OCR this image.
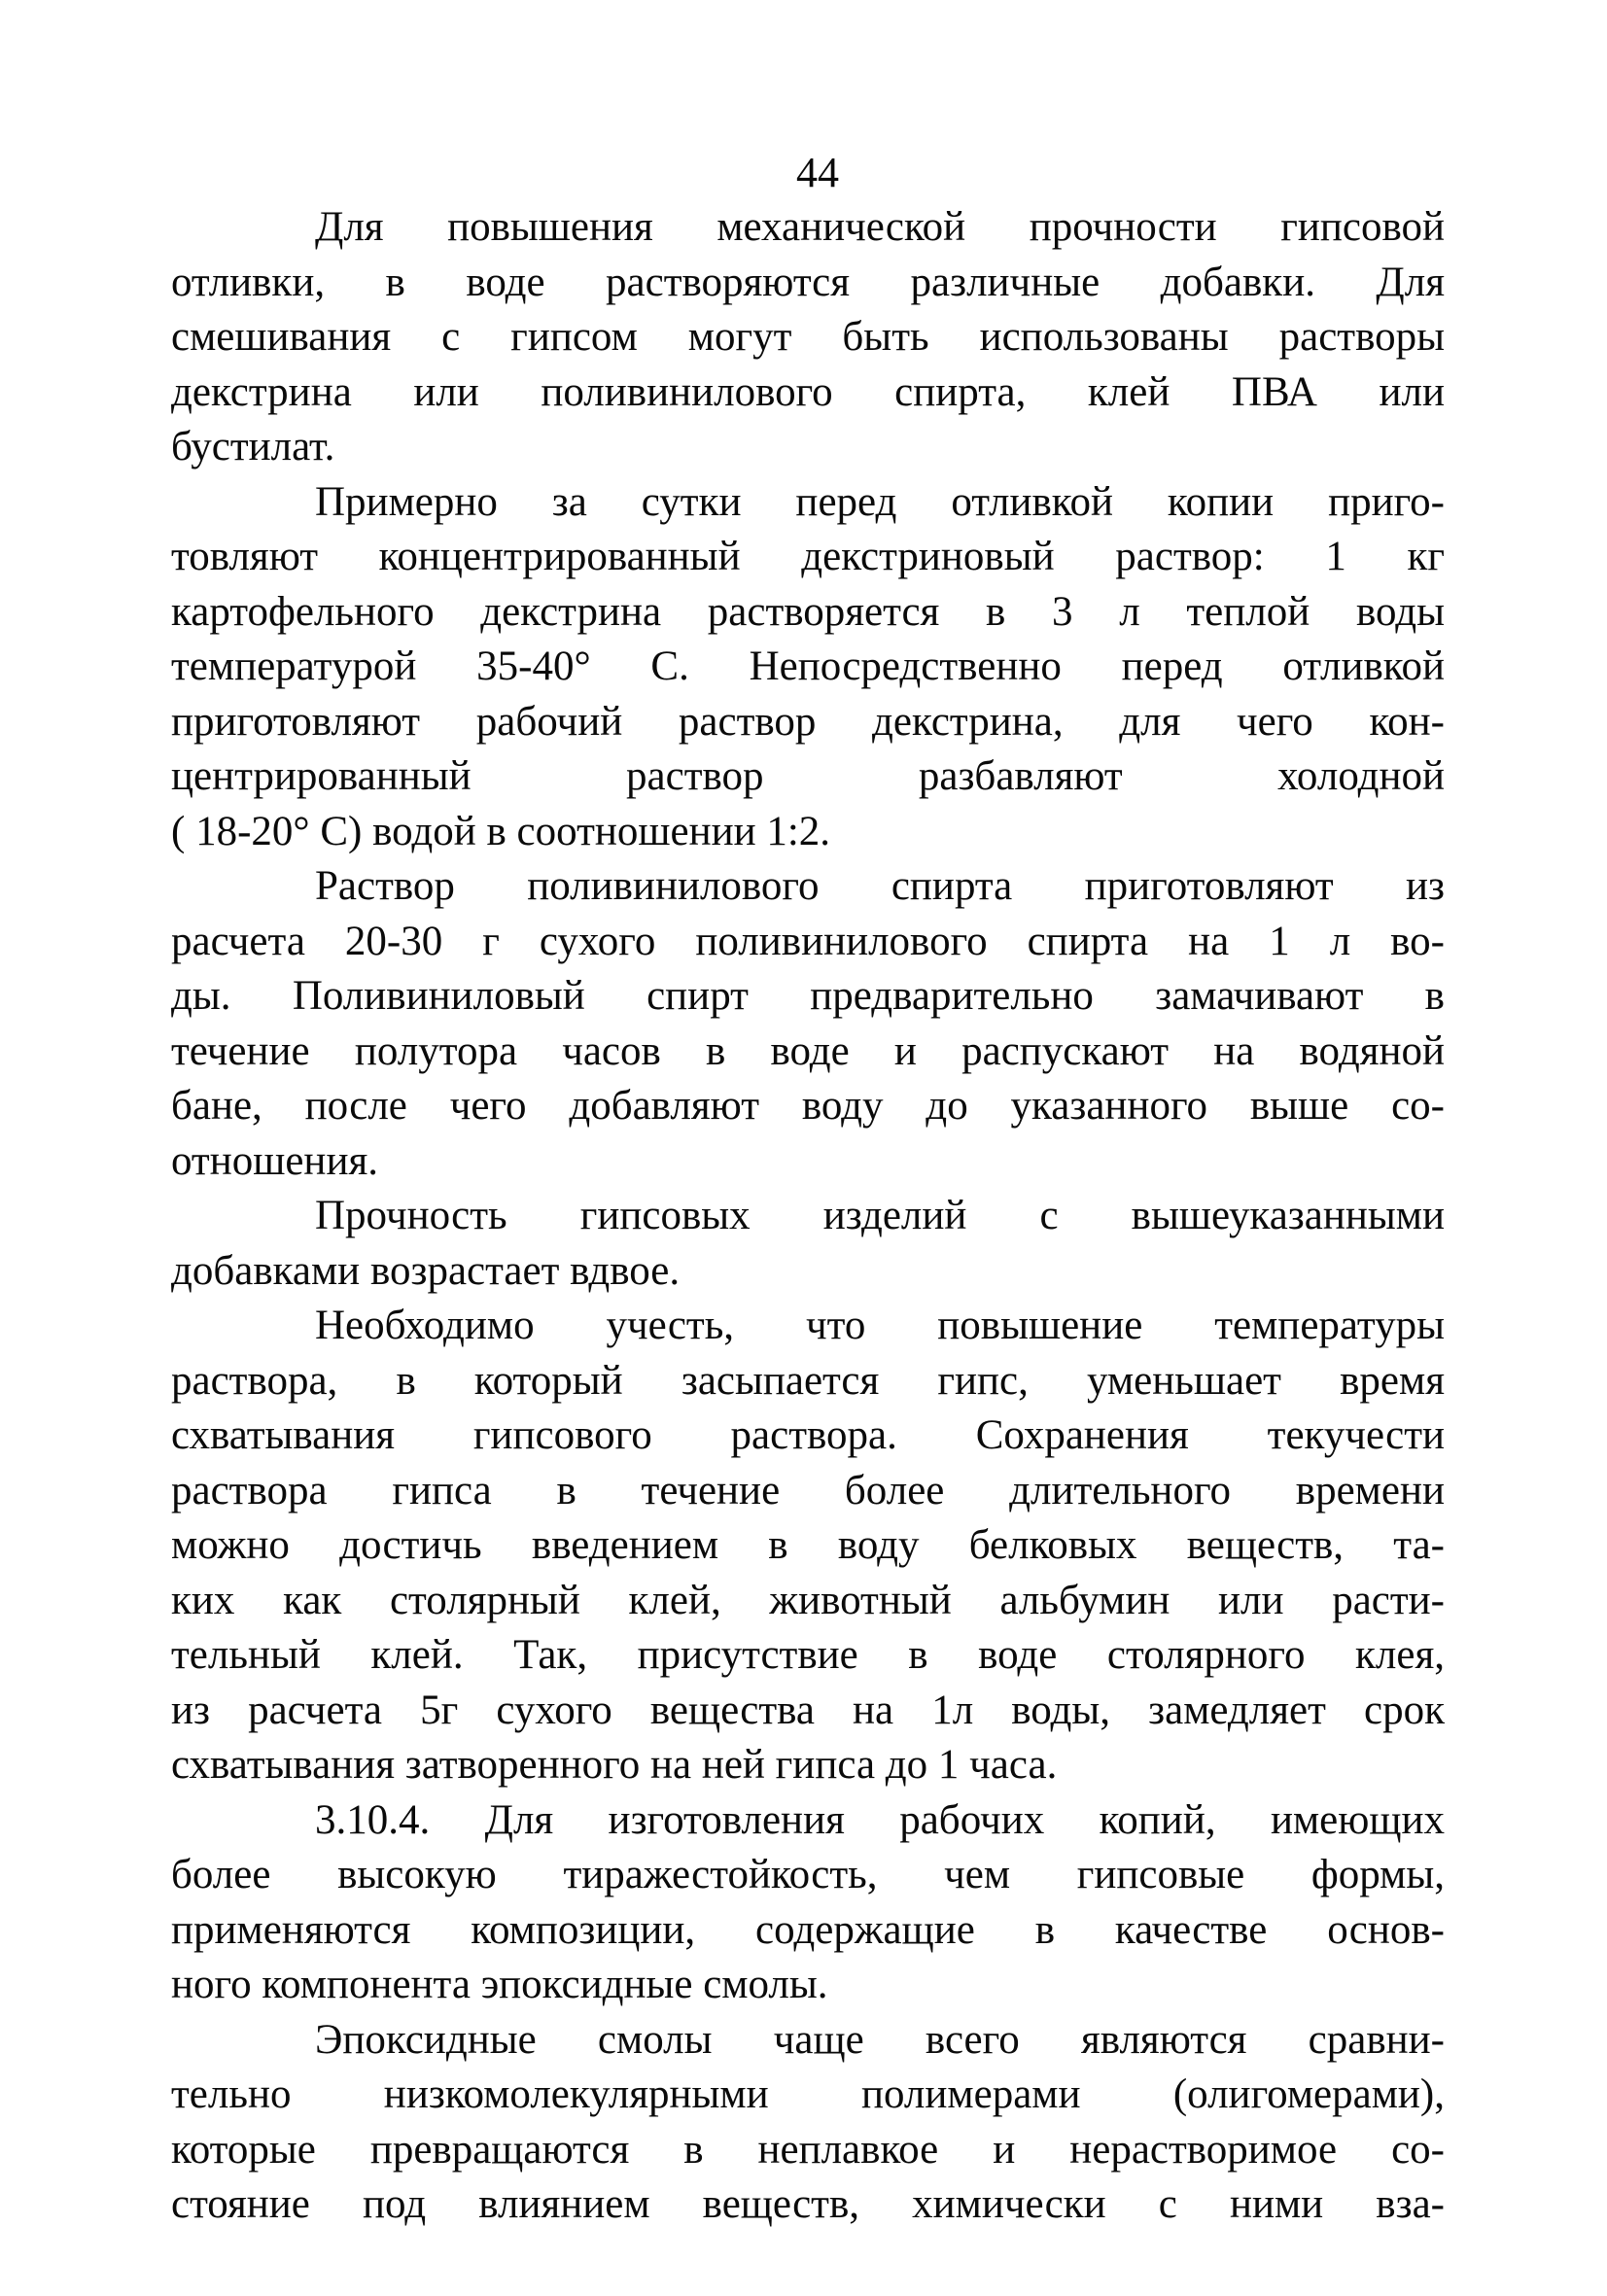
44
Для повышения механической прочности гипсовой
отливки, в воде растворяются различные добавки. Для
смешивания с гипсом могут быть использованы растворы
декстрина или поливинилового спирта, клей ПВА или
бустилат.
Примерно за сутки перед отливкой копии приго-
товляют концентрированный декстриновый раствор: 1 кг
картофельного декстрина растворяется в 3 л теплой воды
температурой 35-40° С. Непосредственно перед отливкой
приготовляют рабочий раствор декстрина, для чего кон-
центрированный раствор разбавляют холодной
( 18-20° С) водой в соотношении 1:2.
Раствор поливинилового спирта приготовляют из
расчета 20-30 г сухого поливинилового спирта на 1 л во-
ды. Поливиниловый спирт предварительно замачивают в
течение полутора часов в воде и распускают на водяной
бане, после чего добавляют воду до указанного выше со-
отношения.
Прочность гипсовых изделий с вышеуказанными
добавками возрастает вдвое.
Необходимо учесть, что повышение температуры
раствора, в который засыпается гипс, уменьшает время
схватывания гипсового раствора. Сохранения текучести
раствора гипса в течение более длительного времени
можно достичь введением в воду белковых веществ, та-
ких как столярный клей, животный альбумин или расти-
тельный клей. Так, присутствие в воде столярного клея,
из расчета 5г сухого вещества на 1л воды, замедляет срок
схватывания затворенного на ней гипса до 1 часа.
3.10.4. Для изготовления рабочих копий, имеющих
более высокую тиражестойкость, чем гипсовые формы,
применяются композиции, содержащие в качестве основ-
ного компонента эпоксидные смолы.
Эпоксидные смолы чаще всего являются сравни-
тельно низкомолекулярными полимерами (олигомерами),
которые превращаются в неплавкое и нерастворимое со-
стояние под влиянием веществ, химически с ними вза-
